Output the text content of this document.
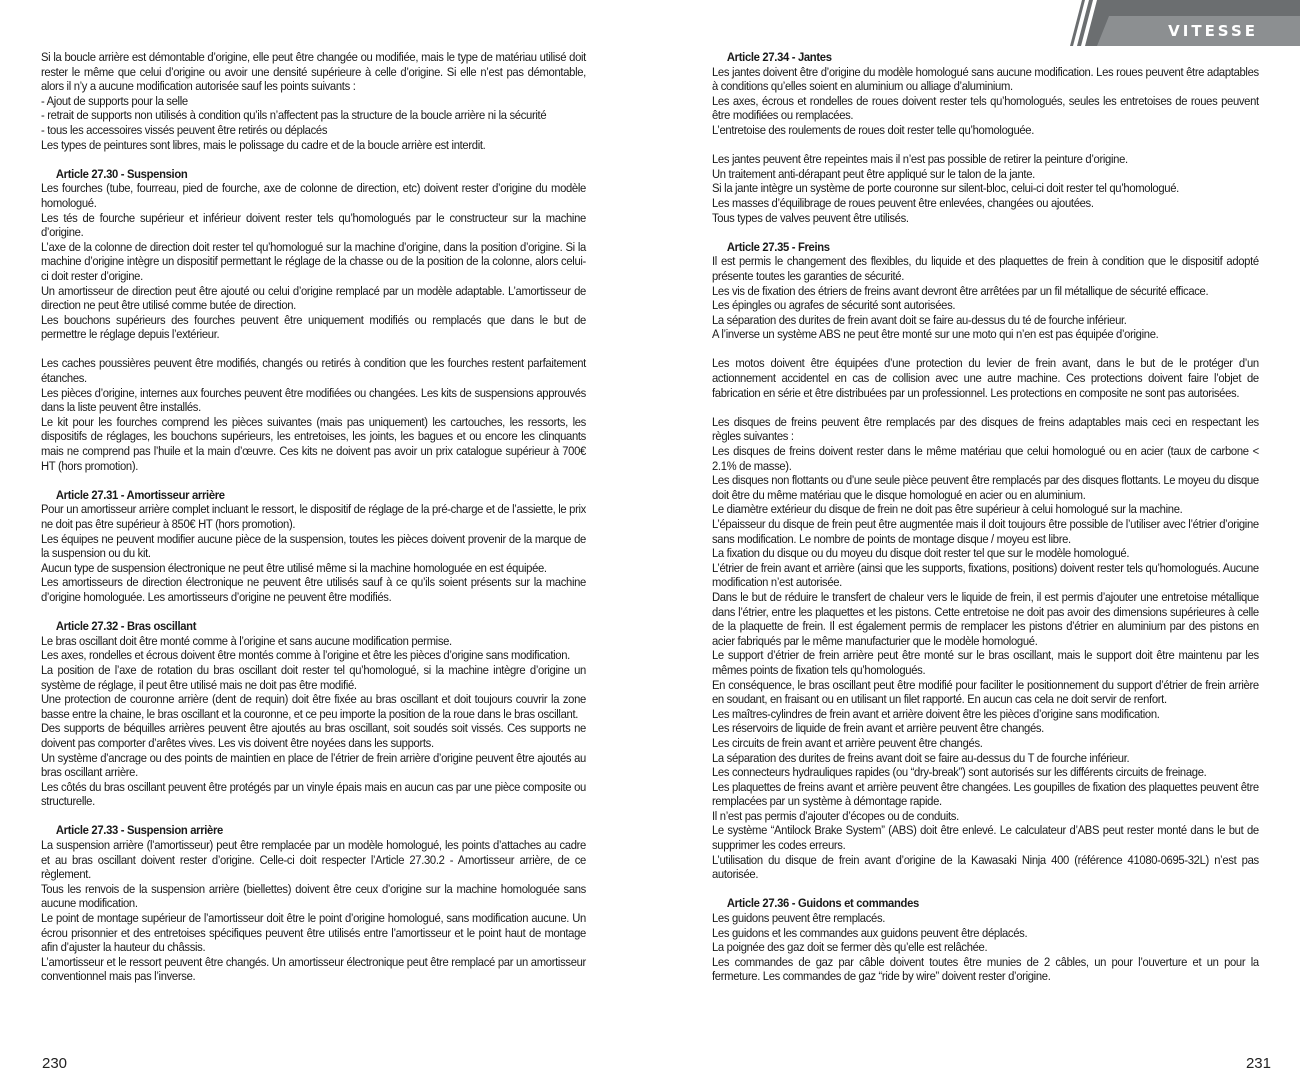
Si la boucle arrière est démontable d’origine, elle peut être changée ou modifiée, mais le type de matériau utilisé doit rester le même que celui d’origine ou avoir une densité supérieure à celle d’origine. Si elle n’est pas démontable, alors il n’y a aucune modification autorisée sauf les points suivants :

- Ajout de supports pour la selle

- retrait de supports non utilisés à condition qu’ils n’affectent pas la structure de la boucle arrière ni la sécurité

- tous les accessoires vissés peuvent être retirés ou déplacés

Les types de peintures sont libres, mais le polissage du cadre et de la boucle arrière est interdit.

Article 27.30 - Suspension

Les fourches (tube, fourreau, pied de fourche, axe de colonne de direction, etc) doivent rester d’origine du modèle homologué.

Les tés de fourche supérieur et inférieur doivent rester tels qu’homologués par le constructeur sur la machine d’origine.

L’axe de la colonne de direction doit rester tel qu’homologué sur la machine d’origine, dans la position d’origine. Si la machine d’origine intègre un dispositif permettant le réglage de la chasse ou de la position de la colonne, alors celui-ci doit rester d’origine.

Un amortisseur de direction peut être ajouté ou celui d’origine remplacé par un modèle adaptable. L’amortisseur de direction ne peut être utilisé comme butée de direction.

Les bouchons supérieurs des fourches peuvent être uniquement modifiés ou remplacés que dans le but de permettre le réglage depuis l’extérieur.

Les caches poussières peuvent être modifiés, changés ou retirés à condition que les fourches restent parfaitement étanches.

Les pièces d’origine, internes aux fourches peuvent être modifiées ou changées. Les kits de suspensions approuvés dans la liste peuvent être installés.

Le kit pour les fourches comprend les pièces suivantes (mais pas uniquement) les cartouches, les ressorts, les dispositifs de réglages, les bouchons supérieurs, les entretoises, les joints, les bagues et ou encore les clinquants mais ne comprend pas l’huile et la main d’œuvre. Ces kits ne doivent pas avoir un prix catalogue supérieur à 700€ HT (hors promotion).

Article 27.31 - Amortisseur arrière

Pour un amortisseur arrière complet incluant le ressort, le dispositif de réglage de la pré-charge et de l’assiette, le prix ne doit pas être supérieur à 850€ HT (hors promotion).

Les équipes ne peuvent modifier aucune pièce de la suspension, toutes les pièces doivent provenir de la marque de la suspension ou du kit.

Aucun type de suspension électronique ne peut être utilisé même si la machine homologuée en est équipée.

Les amortisseurs de direction électronique ne peuvent être utilisés sauf à ce qu’ils soient présents sur la machine d’origine homologuée. Les amortisseurs d’origine ne peuvent être modifiés.

Article 27.32 - Bras oscillant

Le bras oscillant doit être monté comme à l’origine et sans aucune modification permise.

Les axes, rondelles et écrous doivent être montés comme à l’origine et être les pièces d’origine sans modification.

La position de l’axe de rotation du bras oscillant doit rester tel qu’homologué, si la machine intègre d’origine un système de réglage, il peut être utilisé mais ne doit pas être modifié.

Une protection de couronne arrière (dent de requin) doit être fixée au bras oscillant et doit toujours couvrir la zone basse entre la chaine, le bras oscillant et la couronne, et ce peu importe la position de la roue dans le bras oscillant.

Des supports de béquilles arrières peuvent être ajoutés au bras oscillant, soit soudés soit vissés. Ces supports ne doivent pas comporter d’arêtes vives. Les vis doivent être noyées dans les supports.

Un système d’ancrage ou des points de maintien en place de l’étrier de frein arrière d’origine peuvent être ajoutés au bras oscillant arrière.

Les côtés du bras oscillant peuvent être protégés par un vinyle épais mais en aucun cas par une pièce composite ou structurelle.

Article 27.33 - Suspension arrière

La suspension arrière (l’amortisseur) peut être remplacée par un modèle homologué, les points d’attaches au cadre et au bras oscillant doivent rester d’origine. Celle-ci doit respecter l’Article 27.30.2 - Amortisseur arrière, de ce règlement.

Tous les renvois de la suspension arrière (biellettes) doivent être ceux d’origine sur la machine homologuée sans aucune modification.

Le point de montage supérieur de l’amortisseur doit être le point d’origine homologué, sans modification aucune. Un écrou prisonnier et des entretoises spécifiques peuvent être utilisés entre l’amortisseur et le point haut de montage afin d’ajuster la hauteur du châssis.

L’amortisseur et le ressort peuvent être changés. Un amortisseur électronique peut être remplacé par un amortisseur conventionnel mais pas l’inverse.

230

Article 27.34 - Jantes

Les jantes doivent être d’origine du modèle homologué sans aucune modification. Les roues peuvent être adaptables à conditions qu’elles soient en aluminium ou alliage d’aluminium.

Les axes, écrous et rondelles de roues doivent rester tels qu’homologués, seules les entretoises de roues peuvent être modifiées ou remplacées.

L’entretoise des roulements de roues doit rester telle qu’homologuée.

Les jantes peuvent être repeintes mais il n’est pas possible de retirer la peinture d’origine.

Un traitement anti-dérapant peut être appliqué sur le talon de la jante.

Si la jante intègre un système de porte couronne sur silent-bloc, celui-ci doit rester tel qu’homologué.

Les masses d’équilibrage de roues peuvent être enlevées, changées ou ajoutées.

Tous types de valves peuvent être utilisés.

Article 27.35 - Freins

Il est permis le changement des flexibles, du liquide et des plaquettes de frein à condition que le dispositif adopté présente toutes les garanties de sécurité.

Les vis de fixation des étriers de freins avant devront être arrêtées par un fil métallique de sécurité efficace.

Les épingles ou agrafes de sécurité sont autorisées.

La séparation des durites de frein avant doit se faire au-dessus du té de fourche inférieur.

A l’inverse un système ABS ne peut être monté sur une moto qui n’en est pas équipée d’origine.

Les motos doivent être équipées d’une protection du levier de frein avant, dans le but de le protéger d’un actionnement accidentel en cas de collision avec une autre machine. Ces protections doivent faire l’objet de fabrication en série et être distribuées par un professionnel. Les protections en composite ne sont pas autorisées.

Les disques de freins peuvent être remplacés par des disques de freins adaptables mais ceci en respectant les règles suivantes :

Les disques de freins doivent rester dans le même matériau que celui homologué ou en acier (taux de carbone < 2.1% de masse).

Les disques non flottants ou d’une seule pièce peuvent être remplacés par des disques flottants. Le moyeu du disque doit être du même matériau que le disque homologué en acier ou en aluminium.

Le diamètre extérieur du disque de frein ne doit pas être supérieur à celui homologué sur la machine.

L’épaisseur du disque de frein peut être augmentée mais il doit toujours être possible de l’utiliser avec l’étrier d’origine sans modification. Le nombre de points de montage disque / moyeu est libre.

La fixation du disque ou du moyeu du disque doit rester tel que sur le modèle homologué.

L’étrier de frein avant et arrière (ainsi que les supports, fixations, positions) doivent rester tels qu’homologués. Aucune modification n’est autorisée.

Dans le but de réduire le transfert de chaleur vers le liquide de frein, il est permis d’ajouter une entretoise métallique dans l’étrier, entre les plaquettes et les pistons. Cette entretoise ne doit pas avoir des dimensions supérieures à celle de la plaquette de frein. Il est également permis de remplacer les pistons d’étrier en aluminium par des pistons en acier fabriqués par le même manufacturier que le modèle homologué.

Le support d’étrier de frein arrière peut être monté sur le bras oscillant, mais le support doit être maintenu par les mêmes points de fixation tels qu’homologués.

En conséquence, le bras oscillant peut être modifié pour faciliter le positionnement du support d’étrier de frein arrière en soudant, en fraisant ou en utilisant un filet rapporté. En aucun cas cela ne doit servir de renfort.

Les maîtres-cylindres de frein avant et arrière doivent être les pièces d’origine sans modification.

Les réservoirs de liquide de frein avant et arrière peuvent être changés.

Les circuits de frein avant et arrière peuvent être changés.

La séparation des durites de freins avant doit se faire au-dessus du T de fourche inférieur.

Les connecteurs hydrauliques rapides (ou “dry-break”) sont autorisés sur les différents circuits de freinage.

Les plaquettes de freins avant et arrière peuvent être changées. Les goupilles de fixation des plaquettes peuvent être remplacées par un système à démontage rapide.

Il n’est pas permis d’ajouter d’écopes ou de conduits.

Le système “Antilock Brake System” (ABS) doit être enlevé. Le calculateur d’ABS peut rester monté dans le but de supprimer les codes erreurs.

L’utilisation du disque de frein avant d’origine de la Kawasaki Ninja 400 (référence 41080-0695-32L) n’est pas autorisée.

Article 27.36 - Guidons et commandes

Les guidons peuvent être remplacés.

Les guidons et les commandes aux guidons peuvent être déplacés.

La poignée des gaz doit se fermer dès qu’elle est relâchée.

Les commandes de gaz par câble doivent toutes être munies de 2 câbles, un pour l’ouverture et un pour la fermeture. Les commandes de gaz “ride by wire” doivent rester d’origine.

231
VITESSE
